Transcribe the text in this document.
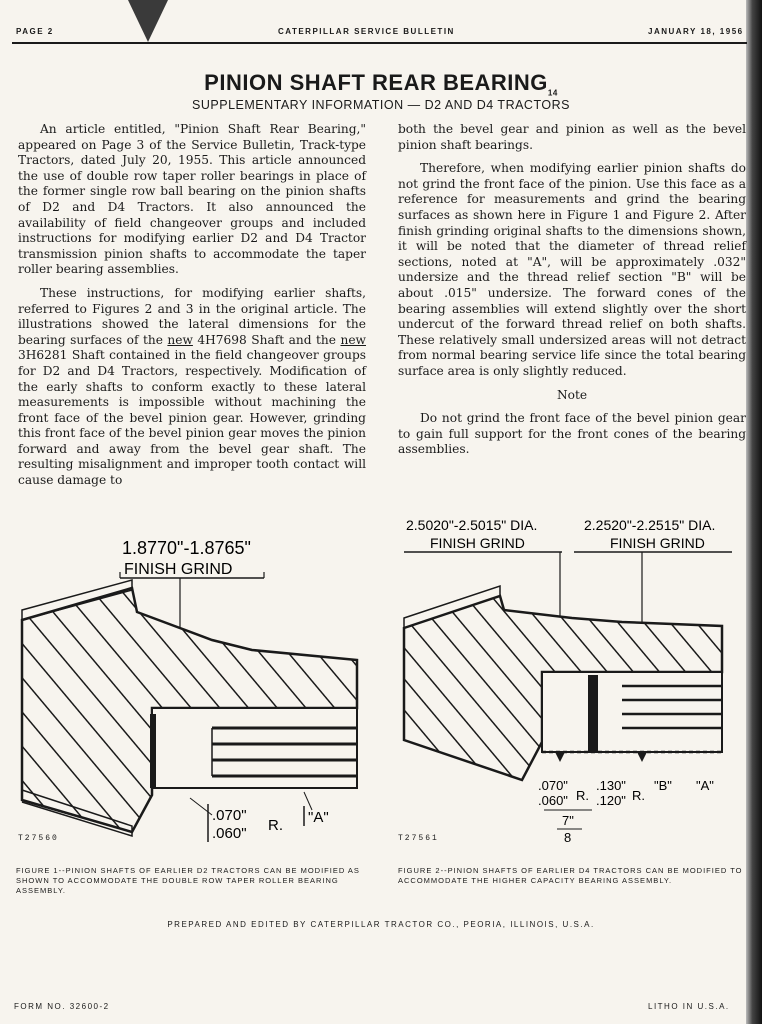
PAGE 2	CATERPILLAR SERVICE BULLETIN	JANUARY 18, 1956
PINION SHAFT REAR $BEARING_{14}$
SUPPLEMENTARY INFORMATION — D2 AND D4 TRACTORS

An article entitled, "Pinion Shaft Rear Bearing," appeared on Page 3 of the Service Bulletin, Track-type Tractors, dated July 20, 1955. This article announced the use of double row taper roller bearings in place of the former single row ball bearing on the pinion shafts of D2 and D4 Tractors. It also announced the availability of field changeover groups and included instructions for modifying earlier D2 and D4 Tractor transmission pinion shafts to accommodate the taper roller bearing assemblies.

These instructions, for modifying earlier shafts, referred to Figures 2 and 3 in the original article. The illustrations showed the lateral dimensions for the bearing surfaces of the new 4H7698 Shaft and the new 3H6281 Shaft contained in the field changeover groups for D2 and D4 Tractors, respectively. Modification of the early shafts to conform exactly to these lateral measurements is impossible without machining the front face of the bevel pinion gear. However, grinding this front face of the bevel pinion gear moves the pinion forward and away from the bevel gear shaft. The resulting misalignment and improper tooth contact will cause damage to

both the bevel gear and pinion as well as the bevel pinion shaft bearings.

Therefore, when modifying earlier pinion shafts do not grind the front face of the pinion. Use this face as a reference for measurements and grind the bearing surfaces as shown here in Figure 1 and Figure 2. After finish grinding original shafts to the dimensions shown, it will be noted that the diameter of thread relief sections, noted at "A", will be approximately .032" undersize and the thread relief section "B" will be about .015" undersize. The forward cones of the bearing assemblies will extend slightly over the short undercut of the forward thread relief on both shafts. These relatively small undersized areas will not detract from normal bearing service life since the total bearing surface area is only slightly reduced.

Note

Do not grind the front face of the bevel pinion gear to gain full support for the front cones of the bearing assemblies.

1.8770"-1.8765"
FINISH GRIND
.070"
.060" R. "A"
T27560
FIGURE 1--PINION SHAFTS OF EARLIER D2 TRACTORS CAN BE MODIFIED AS SHOWN TO ACCOMMODATE THE DOUBLE ROW TAPER ROLLER BEARING ASSEMBLY.
2.5020"-2.5015" DIA.
FINISH GRIND
2.2520"-2.2515" DIA.
FINISH GRIND
.070"
.060" R.
.130"
.120" R.
"B" "A"
7"
8
T27561
FIGURE 2--PINION SHAFTS OF EARLIER D4 TRACTORS CAN BE MODIFIED TO ACCOMMODATE THE HIGHER CAPACITY BEARING ASSEMBLY.
PREPARED AND EDITED BY CATERPILLAR TRACTOR CO., PEORIA, ILLINOIS, U.S.A.
FORM NO. 32600-2	LITHO IN U.S.A.
